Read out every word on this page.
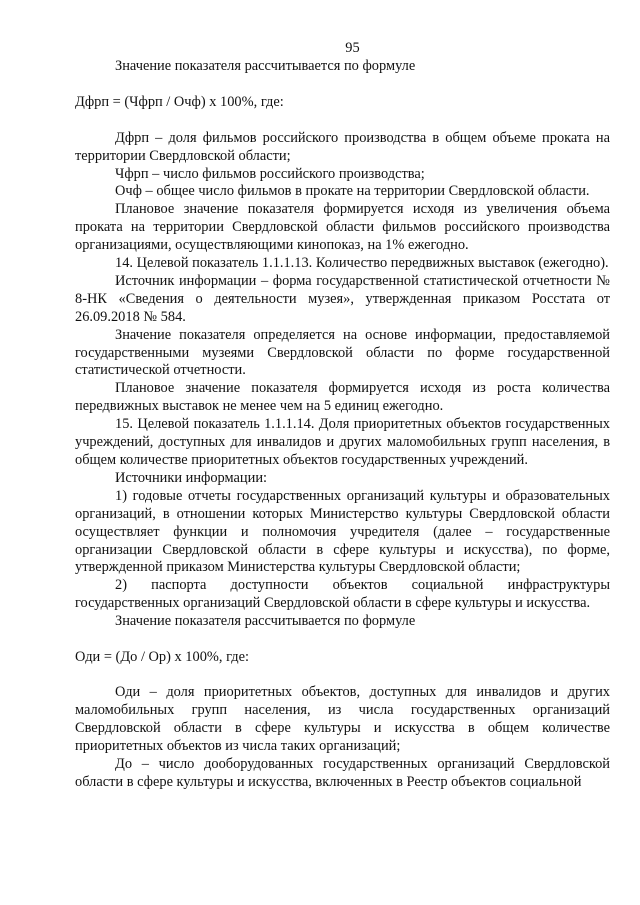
95

Значение показателя рассчитывается по формуле

Дфрп = (Чфрп / Очф) х 100%, где:

Дфрп – доля фильмов российского производства в общем объеме проката на территории Свердловской области;

Чфрп – число фильмов российского производства;

Очф – общее число фильмов в прокате на территории Свердловской области.

Плановое значение показателя формируется исходя из увеличения объема проката на территории Свердловской области фильмов российского производства организациями, осуществляющими кинопоказ, на 1% ежегодно.

14. Целевой показатель 1.1.1.13. Количество передвижных выставок (ежегодно).

Источник информации – форма государственной статистической отчетности № 8-НК «Сведения о деятельности музея», утвержденная приказом Росстата от 26.09.2018 № 584.

Значение показателя определяется на основе информации, предоставляемой государственными музеями Свердловской области по форме государственной статистической отчетности.

Плановое значение показателя формируется исходя из роста количества передвижных выставок не менее чем на 5 единиц ежегодно.

15. Целевой показатель 1.1.1.14. Доля приоритетных объектов государственных учреждений, доступных для инвалидов и других маломобильных групп населения, в общем количестве приоритетных объектов государственных учреждений.

Источники информации:

1) годовые отчеты государственных организаций культуры и образовательных организаций, в отношении которых Министерство культуры Свердловской области осуществляет функции и полномочия учредителя (далее – государственные организации Свердловской области в сфере культуры и искусства), по форме, утвержденной приказом Министерства культуры Свердловской области;

2) паспорта доступности объектов социальной инфраструктуры государственных организаций Свердловской области в сфере культуры и искусства.

Значение показателя рассчитывается по формуле

Оди = (До / Ор) х 100%, где:

Оди – доля приоритетных объектов, доступных для инвалидов и других маломобильных групп населения, из числа государственных организаций Свердловской области в сфере культуры и искусства в общем количестве приоритетных объектов из числа таких организаций;

До – число дооборудованных государственных организаций Свердловской области в сфере культуры и искусства, включенных в Реестр объектов социальной
